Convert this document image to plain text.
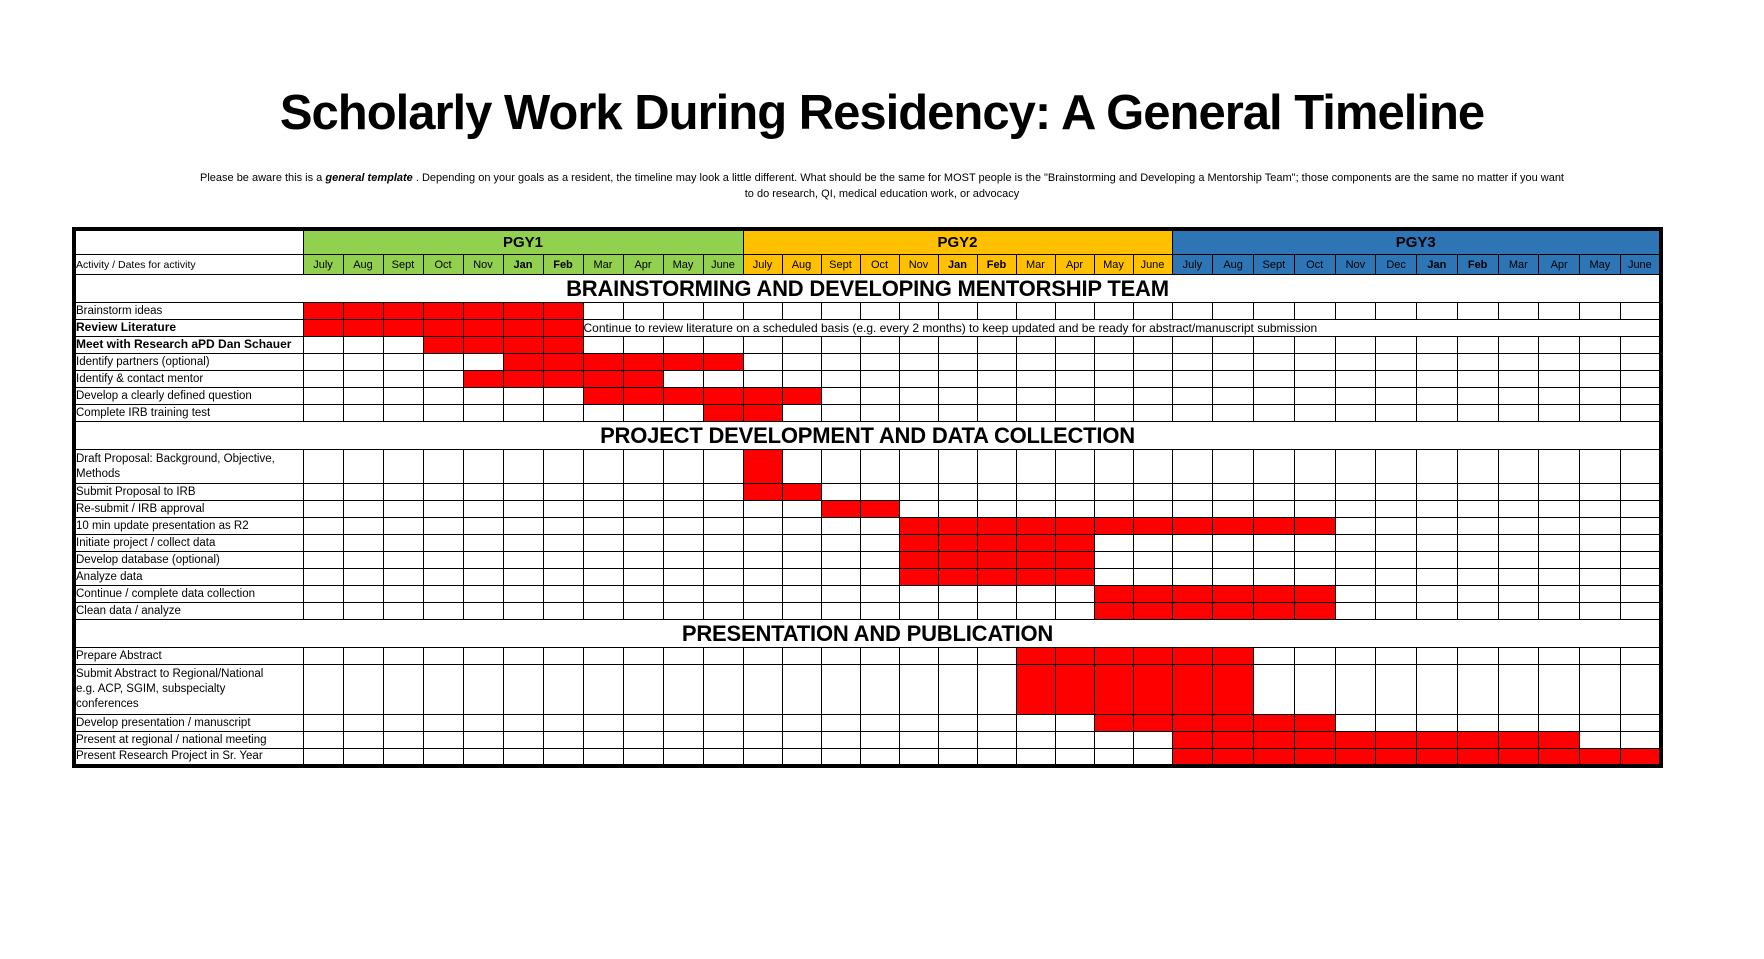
Scholarly Work During Residency: A General Timeline

Please be aware this is a general template . Depending on your goals as a resident, the timeline may look a little different. What should be the same for MOST people is the "Brainstorming and Developing a Mentorship Team"; those components are the same no matter if you want
to do research, QI, medical education work, or advocacy

	PGY1											PGY2											PGY3											
Activity / Dates for activity	July	Aug	Sept	Oct	Nov	Jan	Feb	Mar	Apr	May	June	July	Aug	Sept	Oct	Nov	Jan	Feb	Mar	Apr	May	June	July	Aug	Sept	Oct	Nov	Dec	Jan	Feb	Mar	Apr	May	June
BRAINSTORMING AND DEVELOPING MENTORSHIP TEAM																																		
Brainstorm ideas																																		
Review Literature								Continue to review literature on a scheduled basis (e.g. every 2 months) to keep updated and be ready for abstract/manuscript submission																										
Meet with Research aPD Dan Schauer																																		
Identify partners (optional)																																		
Identify & contact mentor																																		
Develop a clearly defined question																																		
Complete IRB training test																																		
PROJECT DEVELOPMENT AND DATA COLLECTION																																		
Draft Proposal: Background, Objective,
Methods																																		
Submit Proposal to IRB																																		
Re-submit / IRB approval																																		
10 min update presentation as R2																																		
Initiate project / collect data																																		
Develop database (optional)																																		
Analyze data																																		
Continue / complete data collection																																		
Clean data / analyze																																		
PRESENTATION AND PUBLICATION																																		
Prepare Abstract																																		
Submit Abstract to Regional/National
e.g. ACP, SGIM, subspecialty
conferences																																		
Develop presentation / manuscript																																		
Present at regional / national meeting																																		
Present Research Project in Sr. Year																																		
